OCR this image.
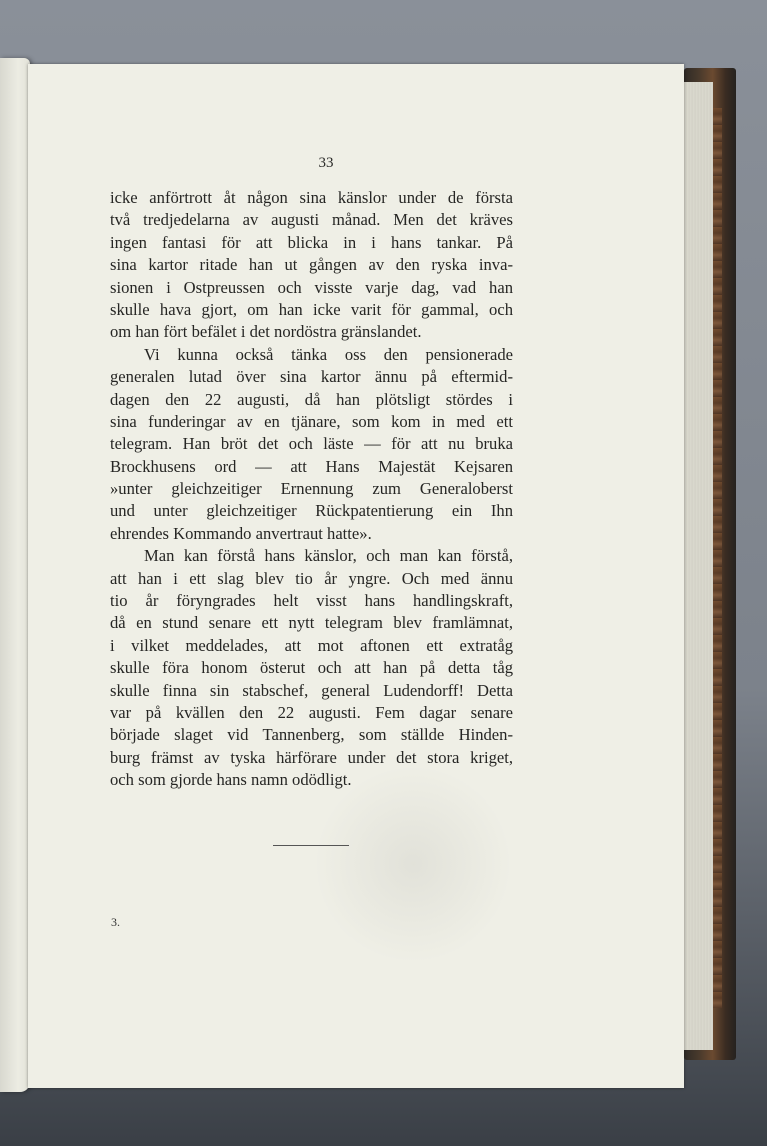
33
icke anförtrott åt någon sina känslor under de första
två tredjedelarna av augusti månad. Men det kräves
ingen fantasi för att blicka in i hans tankar. På
sina kartor ritade han ut gången av den ryska inva-
sionen i Ostpreussen och visste varje dag, vad han
skulle hava gjort, om han icke varit för gammal, och
om han fört befälet i det nordöstra gränslandet.
Vi kunna också tänka oss den pensionerade
generalen lutad över sina kartor ännu på eftermid-
dagen den 22 augusti, då han plötsligt stördes i
sina funderingar av en tjänare, som kom in med ett
telegram. Han bröt det och läste — för att nu bruka
Brockhusens ord — att Hans Majestät Kejsaren
»unter gleichzeitiger Ernennung zum Generaloberst
und unter gleichzeitiger Rückpatentierung ein Ihn
ehrendes Kommando anvertraut hatte».
Man kan förstå hans känslor, och man kan förstå,
att han i ett slag blev tio år yngre. Och med ännu
tio år föryngrades helt visst hans handlingskraft,
då en stund senare ett nytt telegram blev framlämnat,
i vilket meddelades, att mot aftonen ett extratåg
skulle föra honom österut och att han på detta tåg
skulle finna sin stabschef, general Ludendorff! Detta
var på kvällen den 22 augusti. Fem dagar senare
började slaget vid Tannenberg, som ställde Hinden-
burg främst av tyska härförare under det stora kriget,
och som gjorde hans namn odödligt.
3.
